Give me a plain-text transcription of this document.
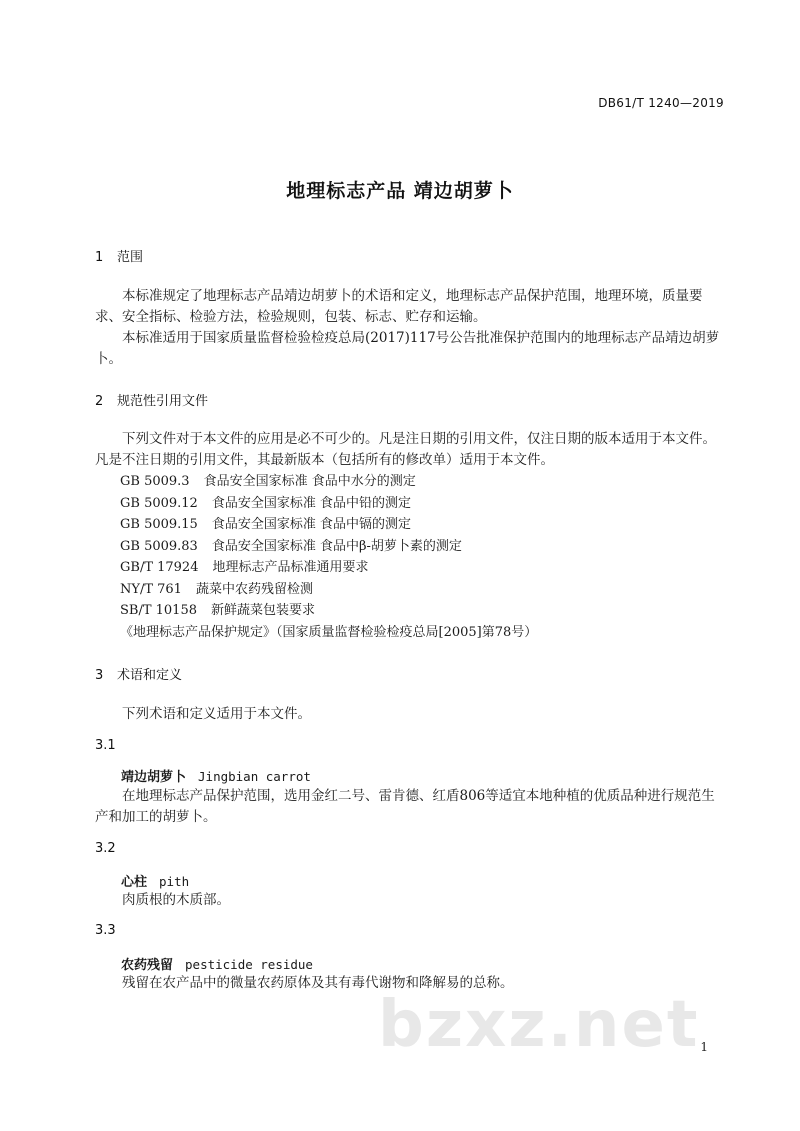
DB61/T 1240—2019
地理标志产品 靖边胡萝卜
1 范围

本标准规定了地理标志产品靖边胡萝卜的术语和定义，地理标志产品保护范围，地理环境，质量要求、安全指标、检验方法，检验规则，包装、标志、贮存和运输。

本标准适用于国家质量监督检验检疫总局(2017)117号公告批准保护范围内的地理标志产品靖边胡萝卜。

2 规范性引用文件

下列文件对于本文件的应用是必不可少的。凡是注日期的引用文件，仅注日期的版本适用于本文件。凡是不注日期的引用文件，其最新版本（包括所有的修改单）适用于本文件。

GB 5009.3 食品安全国家标准 食品中水分的测定
GB 5009.12 食品安全国家标准 食品中铅的测定
GB 5009.15 食品安全国家标准 食品中镉的测定
GB 5009.83 食品安全国家标准 食品中β-胡萝卜素的测定
GB/T 17924 地理标志产品标准通用要求
NY/T 761 蔬菜中农药残留检测
SB/T 10158 新鲜蔬菜包装要求
《地理标志产品保护规定》（国家质量监督检验检疫总局[2005]第78号）
3 术语和定义

下列术语和定义适用于本文件。

3.1
靖边胡萝卜 Jingbian carrot

在地理标志产品保护范围，选用金红二号、雷肯德、红盾806等适宜本地种植的优质品种进行规范生产和加工的胡萝卜。

3.2
心柱 pith

肉质根的木质部。

3.3
农药残留 pesticide residue

残留在农产品中的微量农药原体及其有毒代谢物和降解易的总称。

bzxz.net 1
